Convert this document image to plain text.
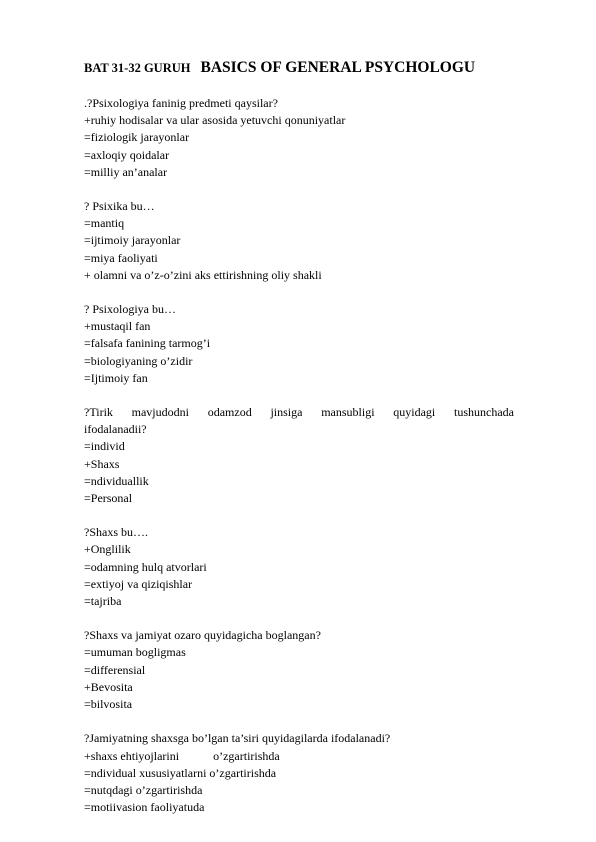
BAT 31-32 GURUH BASICS OF GENERAL PSYCHOLOGU
.?Psixologiya faninig predmeti qaysilar?
+ruhiy hodisalar va ular asosida yetuvchi qonuniyatlar
=fiziologik jarayonlar
=axloqiy qoidalar
=milliy an’analar
? Psixika bu…
=mantiq
=ijtimoiy jarayonlar
=miya faoliyati
+ olamni va o’z-o’zini aks ettirishning oliy shakli
? Psixologiya bu…
+mustaqil fan
=falsafa fanining tarmog’i
=biologiyaning o’zidir
=Ijtimoiy fan
?Tirik mavjudodni odamzod jinsiga mansubligi quyidagi tushunchada
ifodalanadii?
=individ
+Shaxs
=ndividuallik
=Personal
?Shaxs bu….
+Onglilik
=odamning hulq atvorlari
=extiyoj va qiziqishlar
=tajriba
?Shaxs va jamiyat ozaro quyidagicha boglangan?
=umuman bogligmas
=differensial
+Bevosita
=bilvosita
?Jamiyatning shaxsga bo’lgan ta’siri quyidagilarda ifodalanadi?
+shaxs ehtiyojlarini	o’zgartirishda
=ndividual xususiyatlarni o’zgartirishda
=nutqdagi o’zgartirishda
=motiivasion faoliyatuda
